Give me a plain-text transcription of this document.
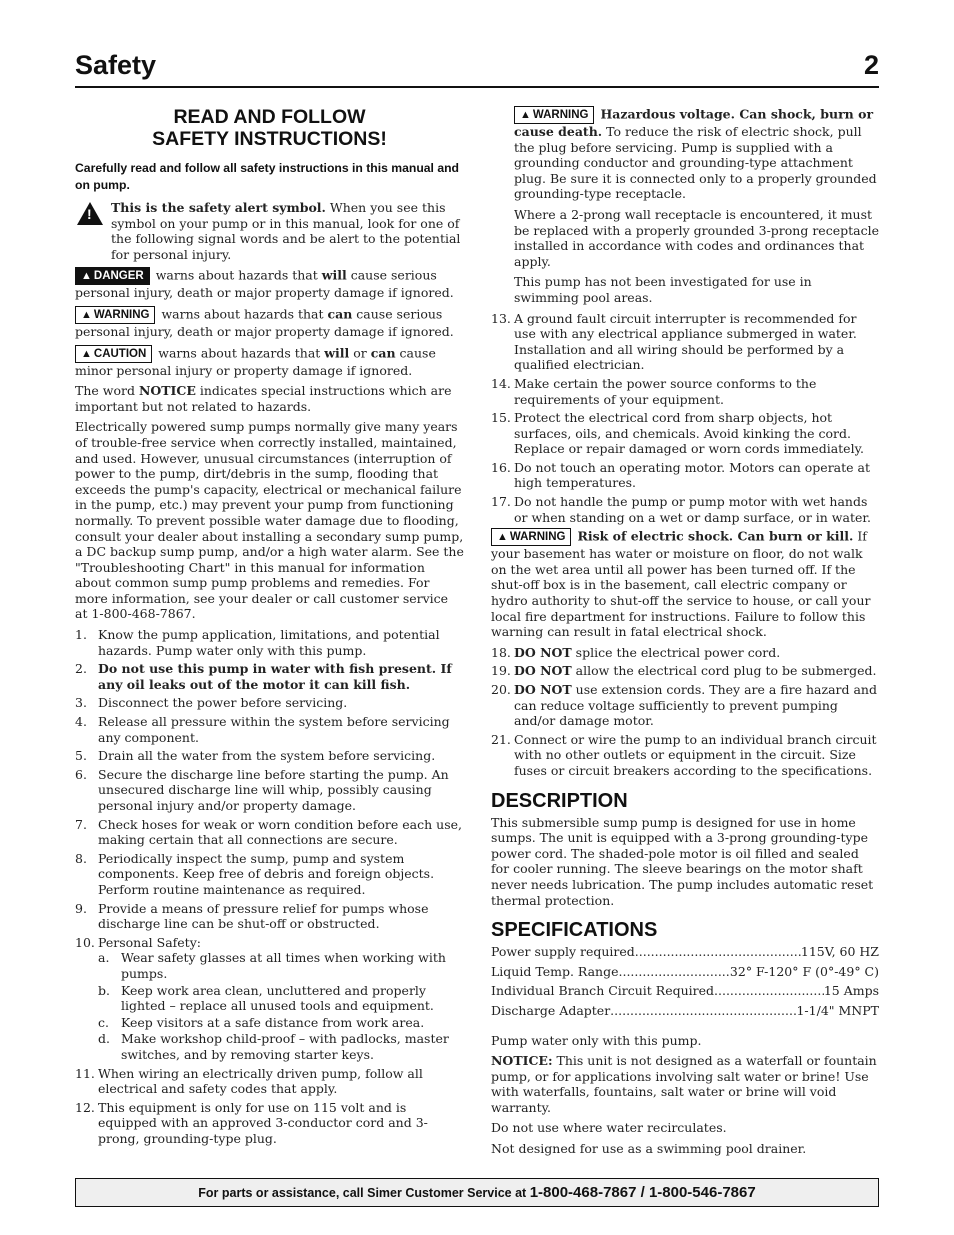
Safety	2
READ AND FOLLOW
SAFETY INSTRUCTIONS!

Carefully read and follow all safety instructions in this manual and on pump.

!
This is the safety alert symbol. When you see this symbol on your pump or in this manual, look for one of the following signal words and be alert to the potential for personal injury.

▲ DANGER warns about hazards that will cause serious personal injury, death or major property damage if ignored.

▲ WARNING warns about hazards that can cause serious personal injury, death or major property damage if ignored.

▲ CAUTION warns about hazards that will or can cause minor personal injury or property damage if ignored.

The word NOTICE indicates special instructions which are important but not related to hazards.

Electrically powered sump pumps normally give many years of trouble-free service when correctly installed, maintained, and used. However, unusual circumstances (interruption of power to the pump, dirt/debris in the sump, flooding that exceeds the pump's capacity, electrical or mechanical failure in the pump, etc.) may prevent your pump from functioning normally. To prevent possible water damage due to flooding, consult your dealer about installing a secondary sump pump, a DC backup sump pump, and/or a high water alarm. See the "Troubleshooting Chart" in this manual for information about common sump pump problems and remedies. For more information, see your dealer or call customer service at 1-800-468-7867.

1. Know the pump application, limitations, and potential hazards. Pump water only with this pump.
2. Do not use this pump in water with fish present. If any oil leaks out of the motor it can kill fish.
3. Disconnect the power before servicing.
4. Release all pressure within the system before servicing any component.
5. Drain all the water from the system before servicing.
6. Secure the discharge line before starting the pump. An unsecured discharge line will whip, possibly causing personal injury and/or property damage.
7. Check hoses for weak or worn condition before each use, making certain that all connections are secure.
8. Periodically inspect the sump, pump and system components. Keep free of debris and foreign objects. Perform routine maintenance as required.
9. Provide a means of pressure relief for pumps whose discharge line can be shut-off or obstructed.
10. Personal Safety:
a. Wear safety glasses at all times when working with pumps.
b. Keep work area clean, uncluttered and properly lighted – replace all unused tools and equipment.
c. Keep visitors at a safe distance from work area.
d. Make workshop child-proof – with padlocks, master switches, and by removing starter keys.
11. When wiring an electrically driven pump, follow all electrical and safety codes that apply.
12. This equipment is only for use on 115 volt and is equipped with an approved 3-conductor cord and 3-prong, grounding-type plug.

▲ WARNING Hazardous voltage. Can shock, burn or cause death. To reduce the risk of electric shock, pull the plug before servicing. Pump is supplied with a grounding conductor and grounding-type attachment plug. Be sure it is connected only to a properly grounded grounding-type receptacle.

Where a 2-prong wall receptacle is encountered, it must be replaced with a properly grounded 3-prong receptacle installed in accordance with codes and ordinances that apply.

This pump has not been investigated for use in swimming pool areas.

13. A ground fault circuit interrupter is recommended for use with any electrical appliance submerged in water. Installation and all wiring should be performed by a qualified electrician.
14. Make certain the power source conforms to the requirements of your equipment.
15. Protect the electrical cord from sharp objects, hot surfaces, oils, and chemicals. Avoid kinking the cord. Replace or repair damaged or worn cords immediately.
16. Do not touch an operating motor. Motors can operate at high temperatures.
17. Do not handle the pump or pump motor with wet hands or when standing on a wet or damp surface, or in water.

▲ WARNING Risk of electric shock. Can burn or kill. If your basement has water or moisture on floor, do not walk on the wet area until all power has been turned off. If the shut-off box is in the basement, call electric company or hydro authority to shut-off the service to house, or call your local fire department for instructions. Failure to follow this warning can result in fatal electrical shock.

18. DO NOT splice the electrical power cord.
19. DO NOT allow the electrical cord plug to be submerged.
20. DO NOT use extension cords. They are a fire hazard and can reduce voltage sufficiently to prevent pumping and/or damage motor.
21. Connect or wire the pump to an individual branch circuit with no other outlets or equipment in the circuit. Size fuses or circuit breakers according to the specifications.
DESCRIPTION

This submersible sump pump is designed for use in home sumps. The unit is equipped with a 3-prong grounding-type power cord. The shaded-pole motor is oil filled and sealed for cooler running. The sleeve bearings on the motor shaft never needs lubrication. The pump includes automatic reset thermal protection.

SPECIFICATIONS
Power supply required .....	115V, 60 HZ
Liquid Temp. Range .....	32° F-120° F (0°-49° C)
Individual Branch Circuit Required .....	15 Amps
Discharge Adapter .....	1-1/4" MNPT

Pump water only with this pump.

NOTICE: This unit is not designed as a waterfall or fountain pump, or for applications involving salt water or brine! Use with waterfalls, fountains, salt water or brine will void warranty.

Do not use where water recirculates.

Not designed for use as a swimming pool drainer.

For parts or assistance, call Simer Customer Service at 1-800-468-7867 / 1-800-546-7867
